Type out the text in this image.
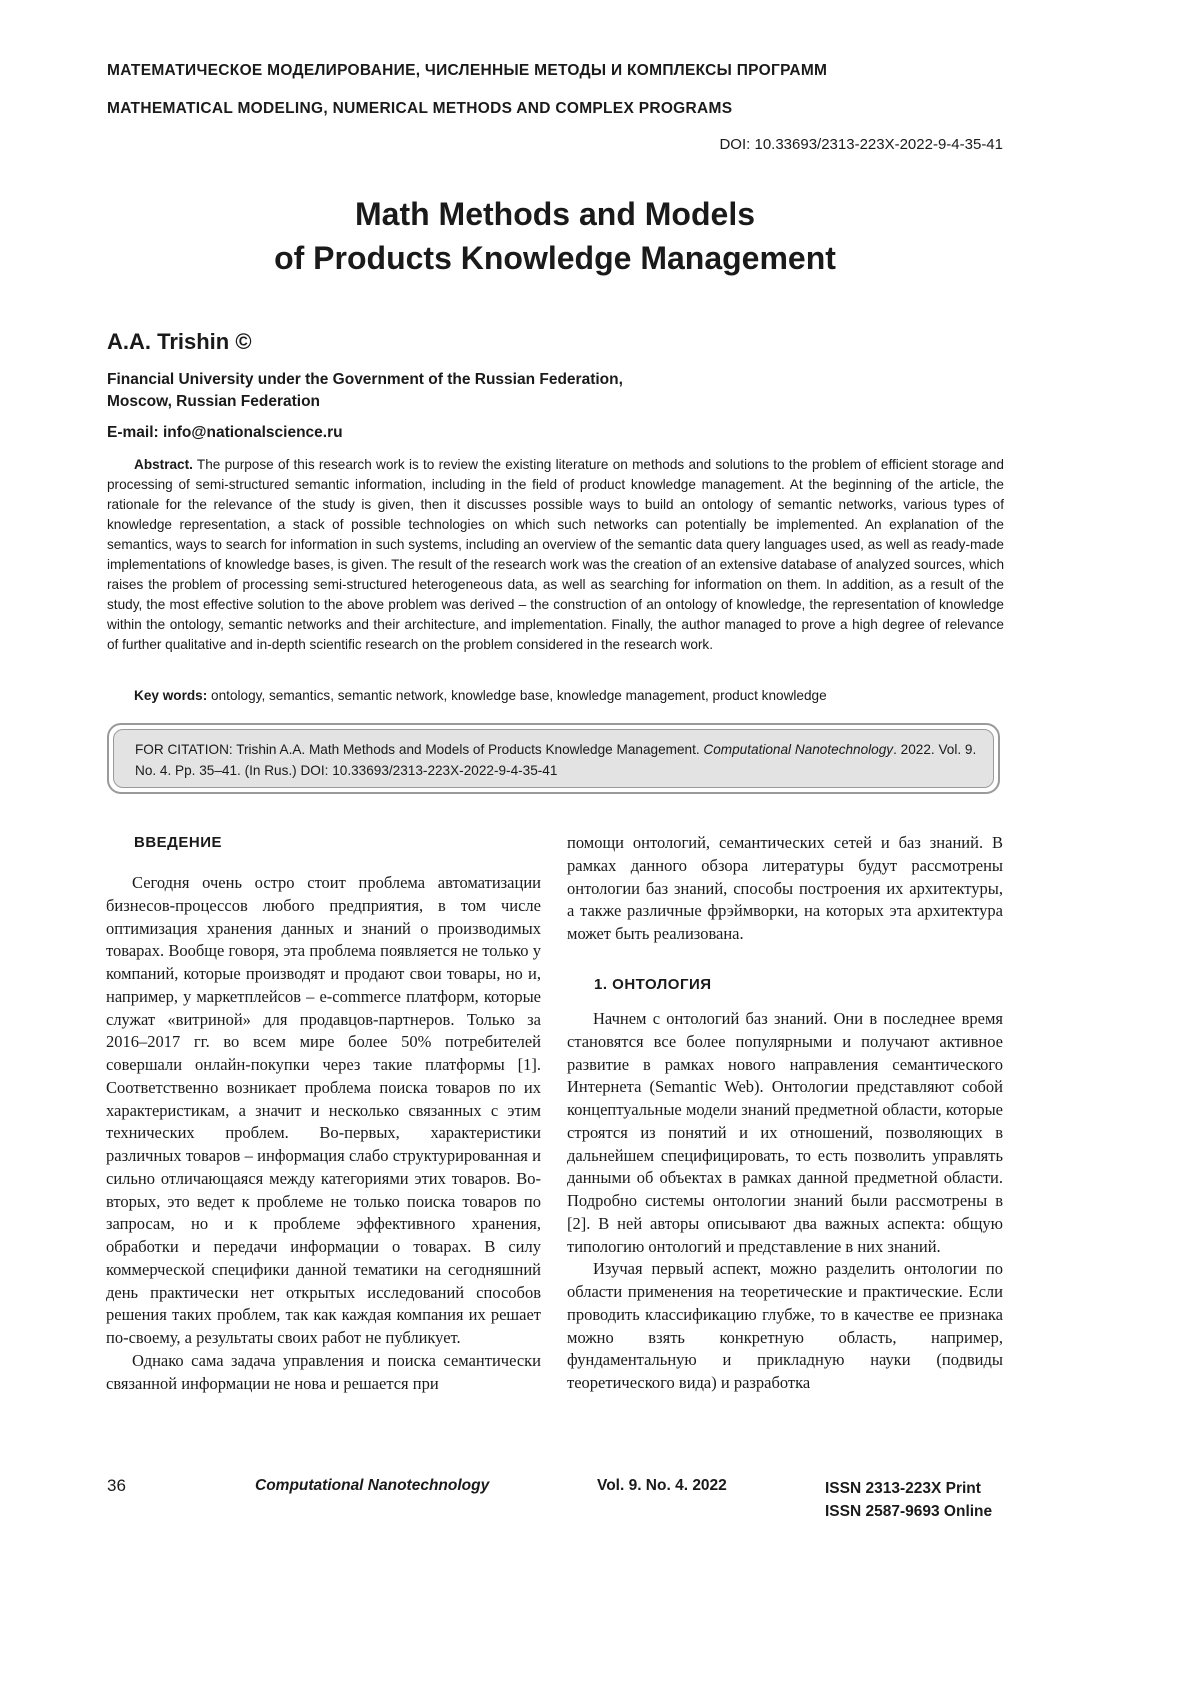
МАТЕМАТИЧЕСКОЕ МОДЕЛИРОВАНИЕ, ЧИСЛЕННЫЕ МЕТОДЫ И КОМПЛЕКСЫ ПРОГРАММ
MATHEMATICAL MODELING, NUMERICAL METHODS AND COMPLEX PROGRAMS
DOI: 10.33693/2313-223X-2022-9-4-35-41
Math Methods and Models
of Products Knowledge Management
A.A. Trishin ©
Financial University under the Government of the Russian Federation,
Moscow, Russian Federation
E-mail: info@nationalscience.ru
Abstract. The purpose of this research work is to review the existing literature on methods and solutions to the problem of efficient storage and processing of semi-structured semantic information, including in the field of product knowledge management. At the beginning of the article, the rationale for the relevance of the study is given, then it discusses possible ways to build an ontology of semantic networks, various types of knowledge representation, a stack of possible technologies on which such networks can potentially be implemented. An explanation of the semantics, ways to search for information in such systems, including an overview of the semantic data query languages used, as well as ready-made implementations of knowledge bases, is given. The result of the research work was the creation of an extensive database of analyzed sources, which raises the problem of processing semi-structured heterogeneous data, as well as searching for information on them. In addition, as a result of the study, the most effective solution to the above problem was derived – the construction of an ontology of knowledge, the representation of knowledge within the ontology, semantic networks and their architecture, and implementation. Finally, the author managed to prove a high degree of relevance of further qualitative and in-depth scientific research on the problem considered in the research work.
Key words: ontology, semantics, semantic network, knowledge base, knowledge management, product knowledge
FOR CITATION: Trishin A.A. Math Methods and Models of Products Knowledge Management. Computational Nanotechnology. 2022. Vol. 9. No. 4. Pp. 35–41. (In Rus.) DOI: 10.33693/2313-223X-2022-9-4-35-41
ВВЕДЕНИЕ

Сегодня очень остро стоит проблема автоматизации бизнесов-процессов любого предприятия, в том числе оптимизация хранения данных и знаний о производимых товарах. Вообще говоря, эта проблема появляется не только у компаний, которые производят и продают свои товары, но и, например, у маркетплейсов – e-commerce платформ, которые служат «витриной» для продавцов-партнеров. Только за 2016–2017 гг. во всем мире более 50% потребителей совершали онлайн-покупки через такие платформы [1]. Соответственно возникает проблема поиска товаров по их характеристикам, а значит и несколько связанных с этим технических проблем. Во-первых, характеристики различных товаров – информация слабо структурированная и сильно отличающаяся между категориями этих товаров. Во-вторых, это ведет к проблеме не только поиска товаров по запросам, но и к проблеме эффективного хранения, обработки и передачи информации о товарах. В силу коммерческой специфики данной тематики на сегодняшний день практически нет открытых исследований способов решения таких проблем, так как каждая компания их решает по-своему, а результаты своих работ не публикует.

Однако сама задача управления и поиска семантически связанной информации не нова и решается при

помощи онтологий, семантических сетей и баз знаний. В рамках данного обзора литературы будут рассмотрены онтологии баз знаний, способы построения их архитектуры, а также различные фрэймворки, на которых эта архитектура может быть реализована.

1. ОНТОЛОГИЯ

Начнем с онтологий баз знаний. Они в последнее время становятся все более популярными и получают активное развитие в рамках нового направления семантического Интернета (Semantic Web). Онтологии представляют собой концептуальные модели знаний предметной области, которые строятся из понятий и их отношений, позволяющих в дальнейшем специфицировать, то есть позволить управлять данными об объектах в рамках данной предметной области. Подробно системы онтологии знаний были рассмотрены в [2]. В ней авторы описывают два важных аспекта: общую типологию онтологий и представление в них знаний.

Изучая первый аспект, можно разделить онтологии по области применения на теоретические и практические. Если проводить классификацию глубже, то в качестве ее признака можно взять конкретную область, например, фундаментальную и прикладную науки (подвиды теоретического вида) и разработка

36	Computational Nanotechnology	Vol. 9. No. 4. 2022	ISSN 2313-223X Print
ISSN 2587-9693 Online
